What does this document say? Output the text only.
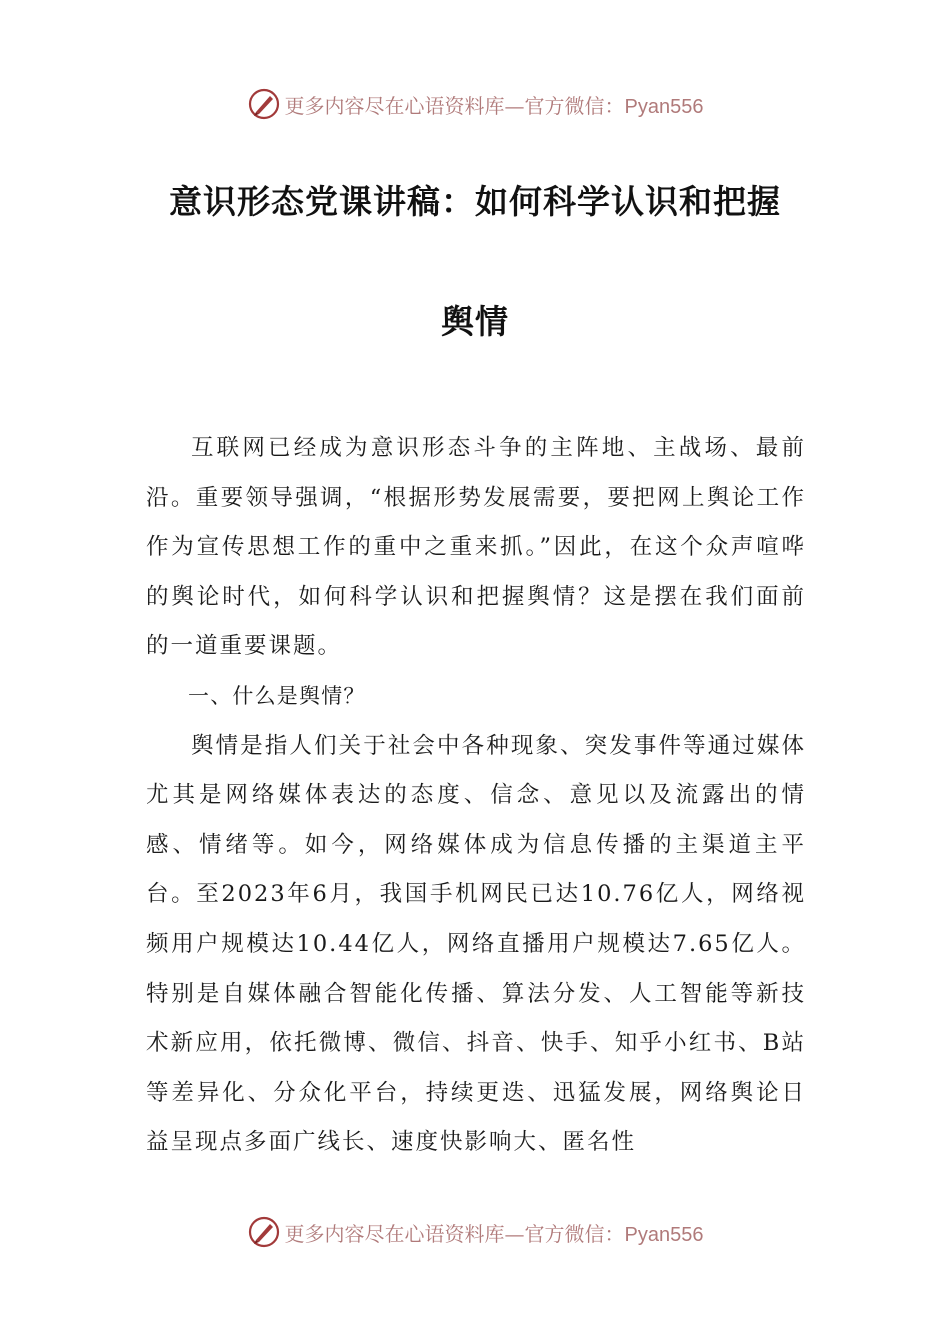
更多内容尽在心语资料库—官方微信：Pyan556
意识形态党课讲稿：如何科学认识和把握
舆情

互联网已经成为意识形态斗争的主阵地、主战场、最前沿。重要领导强调，“根据形势发展需要，要把网上舆论工作作为宣传思想工作的重中之重来抓。”因此，在这个众声喧哗的舆论时代，如何科学认识和把握舆情？这是摆在我们面前的一道重要课题。

一、什么是舆情？

舆情是指人们关于社会中各种现象、突发事件等通过媒体尤其是网络媒体表达的态度、信念、意见以及流露出的情感、情绪等。如今，网络媒体成为信息传播的主渠道主平台。至2023年6月，我国手机网民已达10.76亿人，网络视频用户规模达10.44亿人，网络直播用户规模达7.65亿人。特别是自媒体融合智能化传播、算法分发、人工智能等新技术新应用，依托微博、微信、抖音、快手、知乎小红书、B站等差异化、分众化平台，持续更迭、迅猛发展，网络舆论日益呈现点多面广线长、速度快影响大、匿名性

更多内容尽在心语资料库—官方微信：Pyan556
